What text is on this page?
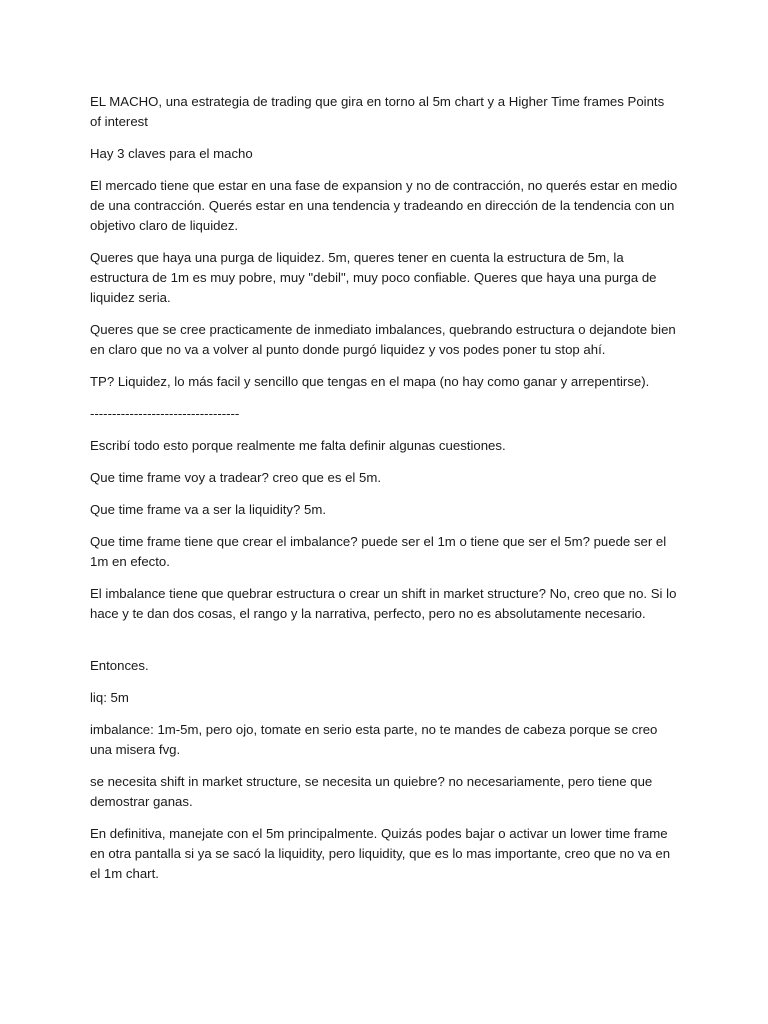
EL MACHO, una estrategia de trading que gira en torno al 5m chart y a Higher Time frames Points of interest

Hay 3 claves para el macho

El mercado tiene que estar en una fase de expansion y no de contracción, no querés estar en medio de una contracción. Querés estar en una tendencia y tradeando en dirección de la tendencia con un objetivo claro de liquidez.

Queres que haya una purga de liquidez. 5m, queres tener en cuenta la estructura de 5m, la estructura de 1m es muy pobre, muy "debil", muy poco confiable. Queres que haya una purga de liquidez seria.

Queres que se cree practicamente de inmediato imbalances, quebrando estructura o dejandote bien en claro que no va a volver al punto donde purgó liquidez y vos podes poner tu stop ahí.

TP? Liquidez, lo más facil y sencillo que tengas en el mapa (no hay como ganar y arrepentirse).

----------------------------------

Escribí todo esto porque realmente me falta definir algunas cuestiones.

Que time frame voy a tradear? creo que es el 5m.

Que time frame va a ser la liquidity? 5m.

Que time frame tiene que crear el imbalance? puede ser el 1m o tiene que ser el 5m? puede ser el 1m en efecto.

El imbalance tiene que quebrar estructura o crear un shift in market structure? No, creo que no. Si lo hace y te dan dos cosas, el rango y la narrativa, perfecto, pero no es absolutamente necesario.

Entonces.

liq: 5m

imbalance: 1m-5m, pero ojo, tomate en serio esta parte, no te mandes de cabeza porque se creo una misera fvg.

se necesita shift in market structure, se necesita un quiebre? no necesariamente, pero tiene que demostrar ganas.

En definitiva, manejate con el 5m principalmente. Quizás podes bajar o activar un lower time frame en otra pantalla si ya se sacó la liquidity, pero liquidity, que es lo mas importante, creo que no va en el 1m chart.
